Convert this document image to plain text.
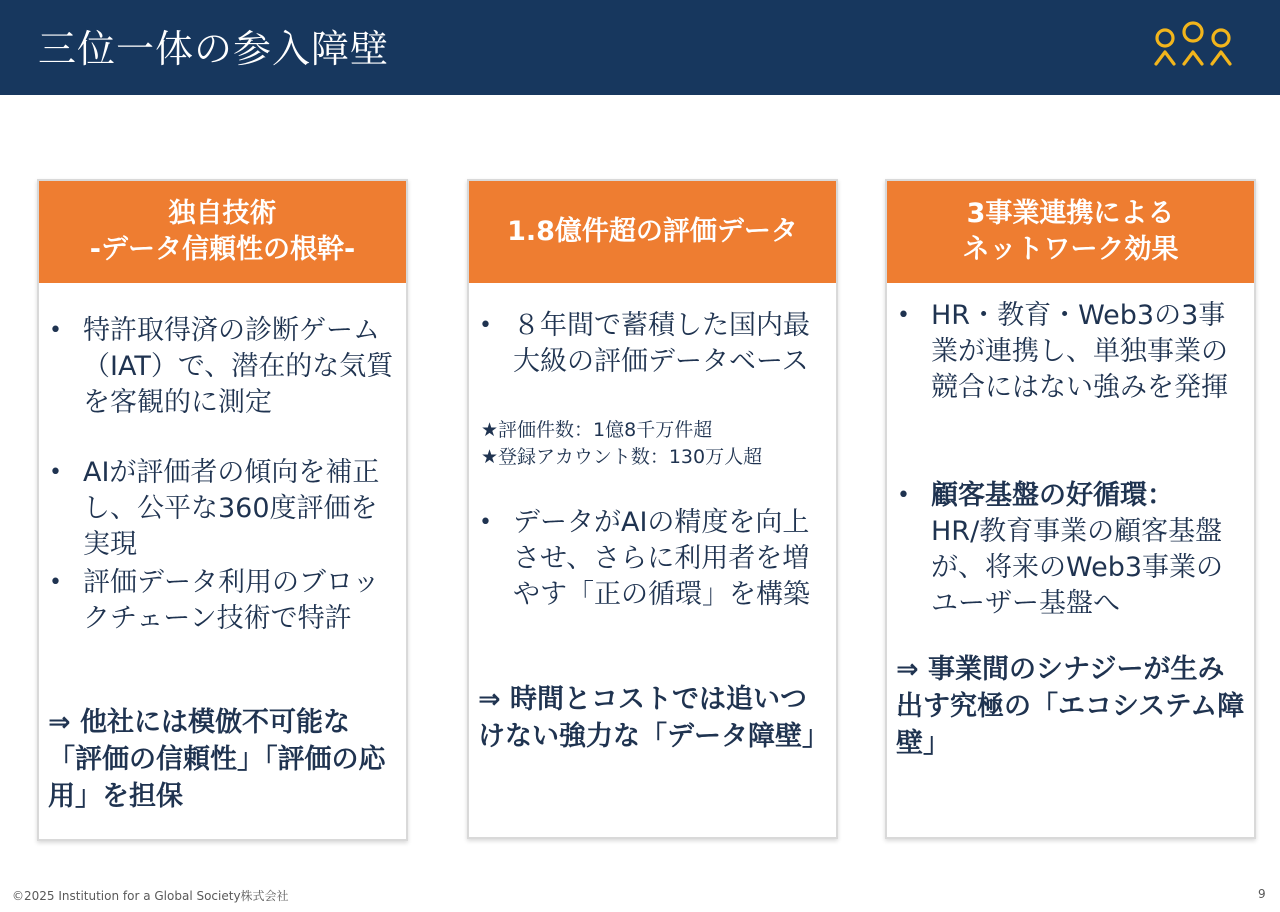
三位一体の参入障壁
独自技術
-データ信頼性の根幹-
• 特許取得済の診断ゲーム（IAT）で、潜在的な気質を客観的に測定
• AIが評価者の傾向を補正し、公平な360度評価を実現
• 評価データ利用のブロックチェーン技術で特許
⇒ 他社には模倣不可能な「評価の信頼性」「評価の応用」を担保
1.8億件超の評価データ
• ８年間で蓄積した国内最大級の評価データベース
★評価件数：1億8千万件超
★登録アカウント数：130万人超
• データがAIの精度を向上させ、さらに利用者を増やす「正の循環」を構築
⇒ 時間とコストでは追いつけない強力な「データ障壁」
3事業連携による
ネットワーク効果
• HR・教育・Web3の3事業が連携し、単独事業の競合にはない強みを発揮
• 顧客基盤の好循環：
HR/教育事業の顧客基盤が、将来のWeb3事業のユーザー基盤へ
⇒ 事業間のシナジーが生み出す究極の「エコシステム障壁」
©2025 Institution for a Global Society株式会社	9
